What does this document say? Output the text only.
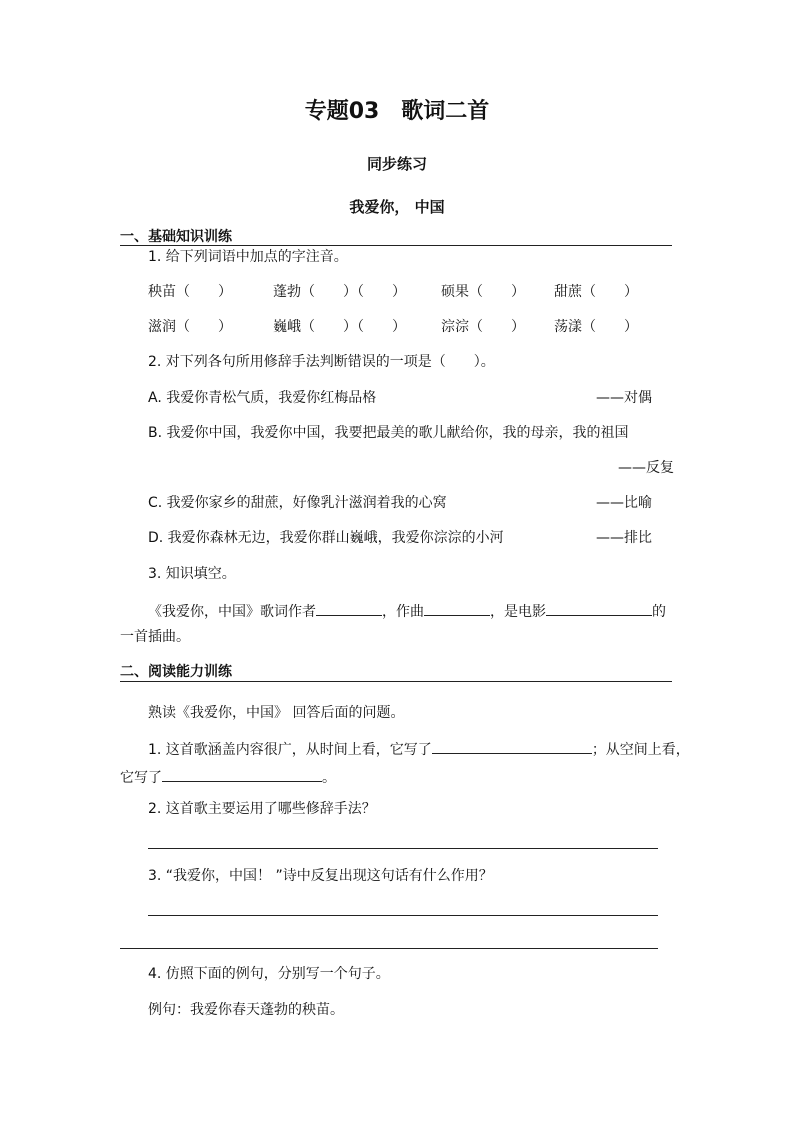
专题03　歌词二首
同步练习
我爱你， 中国
一、基础知识训练
1. 给下列词语中加点的字注音。
秧苗（　　）	蓬勃（　　）（　　）	硕果（　　） 甜蔗（　　）
滋润（　　）	巍峨（　　）（　　）	淙淙（　　） 荡漾（　　）
2. 对下列各句所用修辞手法判断错误的一项是（　　）。
A. 我爱你青松气质，我爱你红梅品格	——对偶
B. 我爱你中国，我爱你中国，我要把最美的歌儿献给你，我的母亲，我的祖国
——反复
C. 我爱你家乡的甜蔗，好像乳汁滋润着我的心窝	——比喻
D. 我爱你森林无边，我爱你群山巍峨，我爱你淙淙的小河	——排比
3. 知识填空。
《我爱你，中国》歌词作者	，作曲	，是电影	的
一首插曲。
二、阅读能力训练
熟读《我爱你，中国》 回答后面的问题。
1. 这首歌涵盖内容很广，从时间上看，它写了	；从空间上看，
它写了	。
2. 这首歌主要运用了哪些修辞手法？
3. “我爱你，中国！ ”诗中反复出现这句话有什么作用？
4. 仿照下面的例句，分别写一个句子。
例句：我爱你春天蓬勃的秧苗。
